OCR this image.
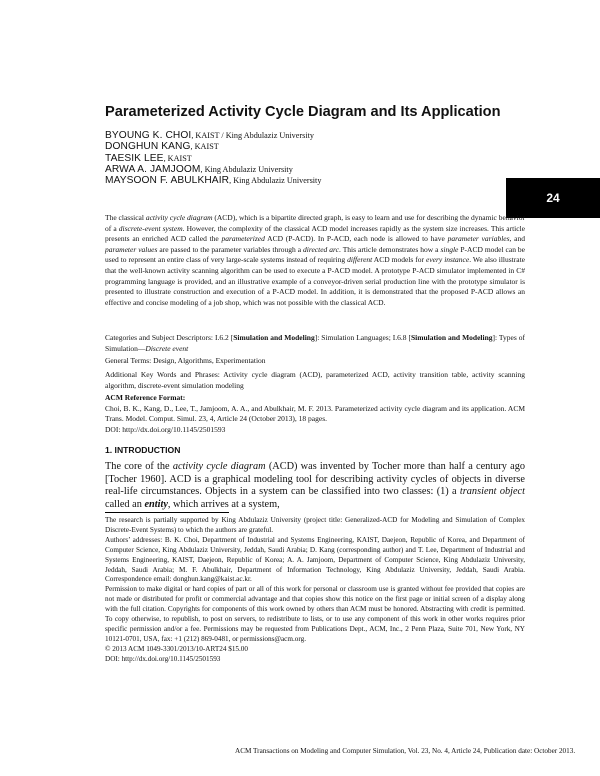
Parameterized Activity Cycle Diagram and Its Application
BYOUNG K. CHOI, KAIST / King Abdulaziz University
DONGHUN KANG, KAIST
TAESIK LEE, KAIST
ARWA A. JAMJOOM, King Abdulaziz University
MAYSOON F. ABULKHAIR, King Abdulaziz University
24

The classical activity cycle diagram (ACD), which is a bipartite directed graph, is easy to learn and use for describing the dynamic behavior of a discrete-event system. However, the complexity of the classical ACD model increases rapidly as the system size increases. This article presents an enriched ACD called the parameterized ACD (P-ACD). In P-ACD, each node is allowed to have parameter variables, and parameter values are passed to the parameter variables through a directed arc. This article demonstrates how a single P-ACD model can be used to represent an entire class of very large-scale systems instead of requiring different ACD models for every instance. We also illustrate that the well-known activity scanning algorithm can be used to execute a P-ACD model. A prototype P-ACD simulator implemented in C# programming language is provided, and an illustrative example of a conveyor-driven serial production line with the prototype simulator is presented to illustrate construction and execution of a P-ACD model. In addition, it is demonstrated that the proposed P-ACD allows an effective and concise modeling of a job shop, which was not possible with the classical ACD.

Categories and Subject Descriptors: I.6.2 [Simulation and Modeling]: Simulation Languages; I.6.8 [Simulation and Modeling]: Types of Simulation—Discrete event

General Terms: Design, Algorithms, Experimentation

Additional Key Words and Phrases: Activity cycle diagram (ACD), parameterized ACD, activity transition table, activity scanning algorithm, discrete-event simulation modeling

ACM Reference Format:

Choi, B. K., Kang, D., Lee, T., Jamjoom, A. A., and Abulkhair, M. F. 2013. Parameterized activity cycle diagram and its application. ACM Trans. Model. Comput. Simul. 23, 4, Article 24 (October 2013), 18 pages.

DOI: http://dx.doi.org/10.1145/2501593

1. INTRODUCTION
The core of the activity cycle diagram (ACD) was invented by Tocher more than half a century ago [Tocher 1960]. ACD is a graphical modeling tool for describing activity cycles of objects in diverse real-life circumstances. Objects in a system can be classified into two classes: (1) a transient object called an entity, which arrives at a system,

The research is partially supported by King Abdulaziz University (project title: Generalized-ACD for Modeling and Simulation of Complex Discrete-Event Systems) to which the authors are grateful.

Authors’ addresses: B. K. Choi, Department of Industrial and Systems Engineering, KAIST, Daejeon, Republic of Korea, and Department of Computer Science, King Abdulaziz University, Jeddah, Saudi Arabia; D. Kang (corresponding author) and T. Lee, Department of Industrial and Systems Engineering, KAIST, Daejeon, Republic of Korea; A. A. Jamjoom, Department of Computer Science, King Abdulaziz University, Jeddah, Saudi Arabia; M. F. Abulkhair, Department of Information Technology, King Abdulaziz University, Jeddah, Saudi Arabia. Correspondence email: donghun.kang@kaist.ac.kr.

Permission to make digital or hard copies of part or all of this work for personal or classroom use is granted without fee provided that copies are not made or distributed for profit or commercial advantage and that copies show this notice on the first page or initial screen of a display along with the full citation. Copyrights for components of this work owned by others than ACM must be honored. Abstracting with credit is permitted. To copy otherwise, to republish, to post on servers, to redistribute to lists, or to use any component of this work in other works requires prior specific permission and/or a fee. Permissions may be requested from Publications Dept., ACM, Inc., 2 Penn Plaza, Suite 701, New York, NY 10121-0701, USA, fax: +1 (212) 869-0481, or permissions@acm.org.

© 2013 ACM 1049-3301/2013/10-ART24 $15.00

DOI: http://dx.doi.org/10.1145/2501593

ACM Transactions on Modeling and Computer Simulation, Vol. 23, No. 4, Article 24, Publication date: October 2013.
